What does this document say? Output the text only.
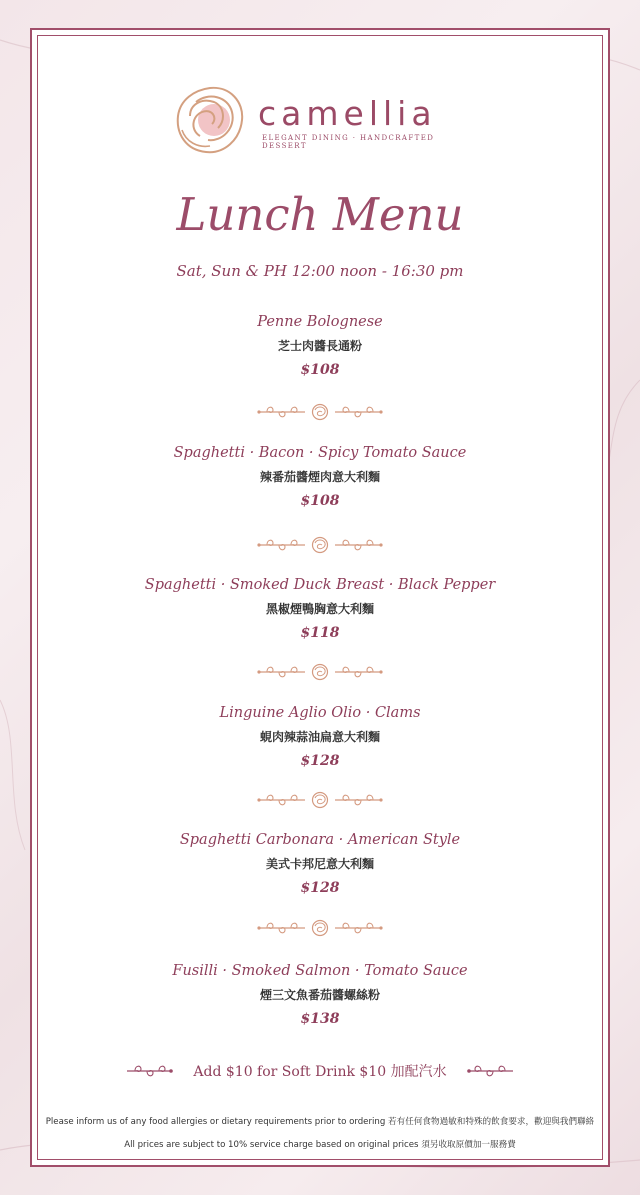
camellia
ELEGANT DINING · HANDCRAFTED DESSERT
Lunch Menu
Sat, Sun & PH 12:00 noon - 16:30 pm
Penne Bolognese
芝士肉醬長通粉
$108
Spaghetti · Bacon · Spicy Tomato Sauce
辣番茄醬煙肉意大利麵
$108
Spaghetti · Smoked Duck Breast · Black Pepper
黑椒煙鴨胸意大利麵
$118
Linguine Aglio Olio · Clams
蜆肉辣蒜油扁意大利麵
$128
Spaghetti Carbonara · American Style
美式卡邦尼意大利麵
$128
Fusilli · Smoked Salmon · Tomato Sauce
煙三文魚番茄醬螺絲粉
$138
Add $10 for Soft Drink $10 加配汽水
Please inform us of any food allergies or dietary requirements prior to ordering 若有任何食物過敏和特殊的飲食要求，歡迎與我們聯絡
All prices are subject to 10% service charge based on original prices 須另收取原價加一服務費
